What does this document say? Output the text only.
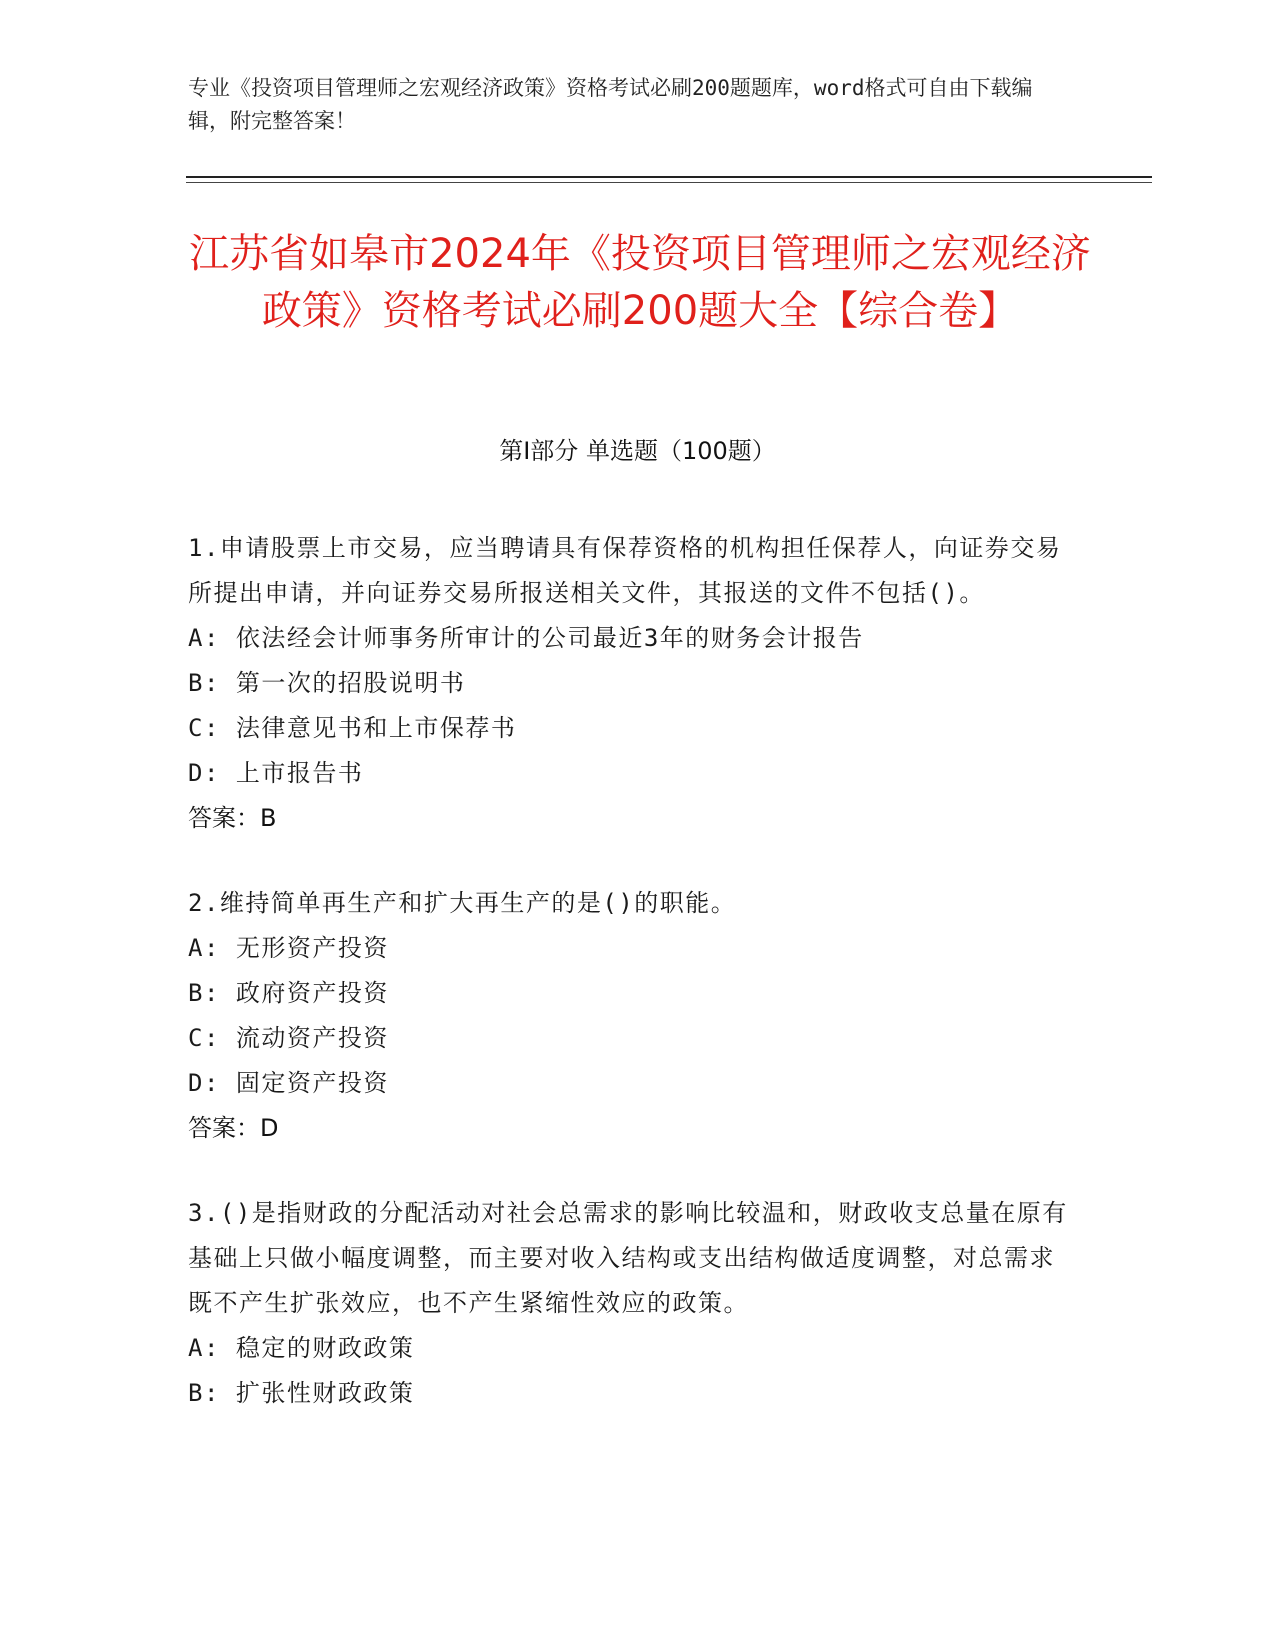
专业《投资项目管理师之宏观经济政策》资格考试必刷200题题库，word格式可自由下载编辑，附完整答案！
江苏省如皋市2024年《投资项目管理师之宏观经济政策》资格考试必刷200题大全【综合卷】
第Ⅰ部分 单选题（100题）
1.申请股票上市交易，应当聘请具有保荐资格的机构担任保荐人，向证券交易所提出申请，并向证券交易所报送相关文件，其报送的文件不包括()。
A: 依法经会计师事务所审计的公司最近3年的财务会计报告
B: 第一次的招股说明书
C: 法律意见书和上市保荐书
D: 上市报告书
答案：B
2.维持简单再生产和扩大再生产的是()的职能。
A: 无形资产投资
B: 政府资产投资
C: 流动资产投资
D: 固定资产投资
答案：D
3.()是指财政的分配活动对社会总需求的影响比较温和，财政收支总量在原有基础上只做小幅度调整，而主要对收入结构或支出结构做适度调整，对总需求既不产生扩张效应，也不产生紧缩性效应的政策。
A: 稳定的财政政策
B: 扩张性财政政策
